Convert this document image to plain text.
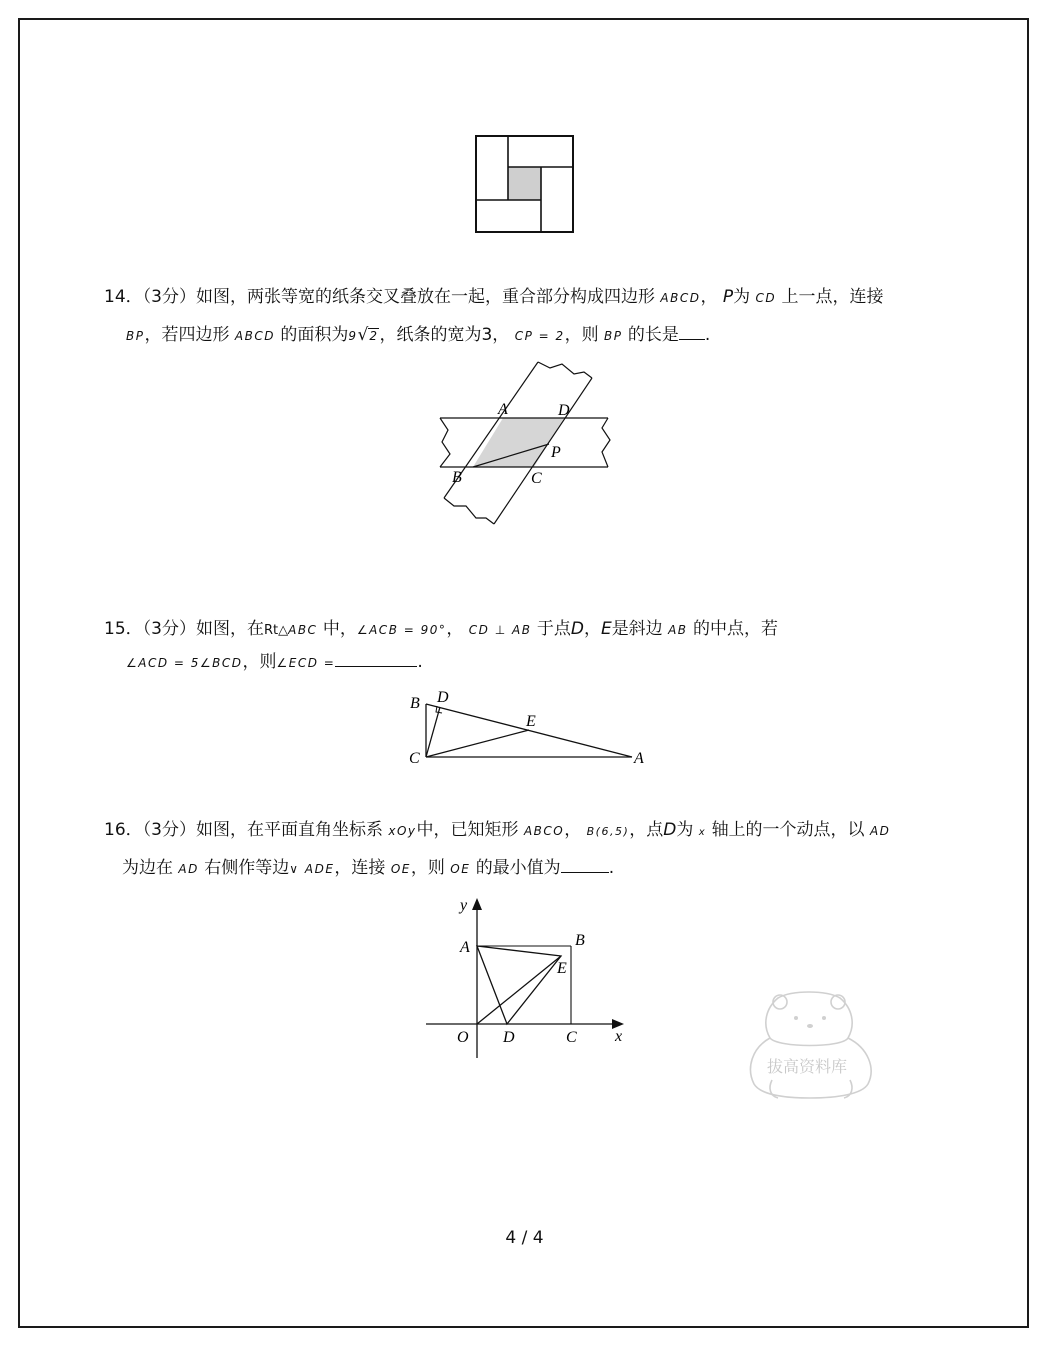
14．（3分）如图，两张等宽的纸条交叉叠放在一起，重合部分构成四边形 ABCD， P为 CD 上一点，连接
BP，若四边形 ABCD 的面积为9√2，纸条的宽为3， CP = 2，则 BP 的长是 .
A	D
B	C
P
15．（3分）如图，在Rt△ABC 中，∠ACB = 90°， CD ⊥ AB 于点D，E是斜边 AB 的中点，若
∠ACD = 5∠BCD，则∠ECD =	.
B D
E
C	A
16．（3分）如图，在平面直角坐标系 xOy中，已知矩形 ABCO， B(6,5)，点D为 x 轴上的一个动点，以 AD
为边在 AD 右侧作等边∨ ADE，连接 OE，则 OE 的最小值为	.
y
A	B
E
O D	C x
拔高资料库
4 / 4
